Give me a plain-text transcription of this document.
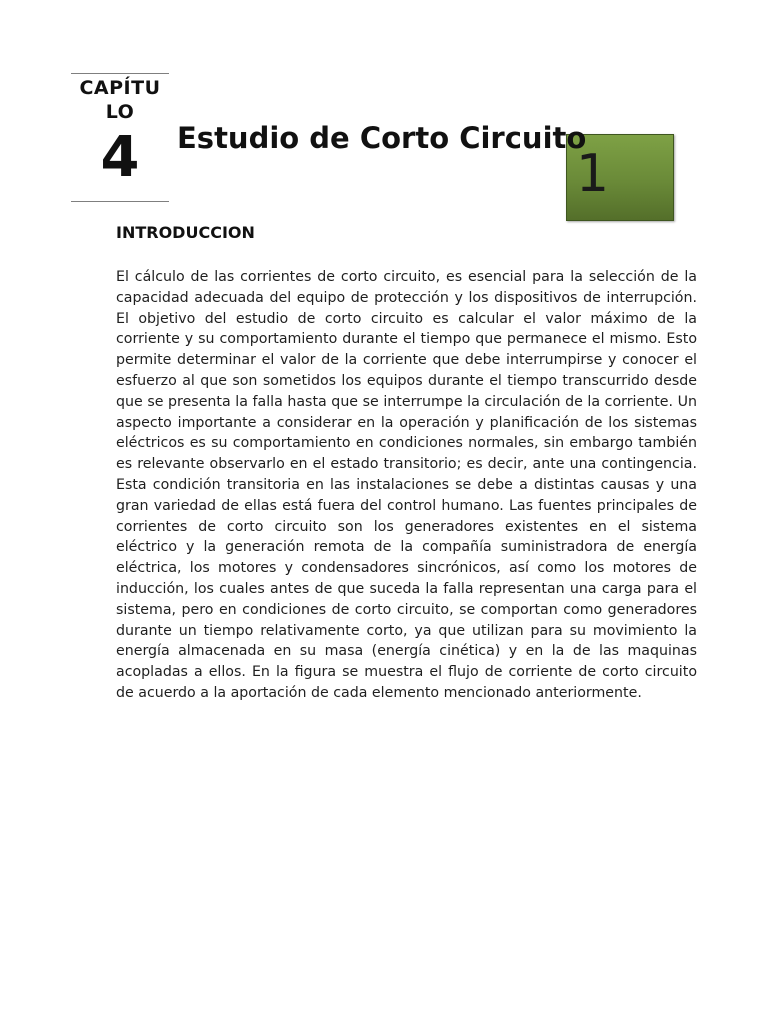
CAPÍTULO
4	1
Estudio de Corto Circuito
INTRODUCCION

El cálculo de las corrientes de corto circuito, es esencial para la selección de la capacidad adecuada del equipo de protección y los dispositivos de interrupción. El objetivo del estudio de corto circuito es calcular el valor máximo de la corriente y su comportamiento durante el tiempo que permanece el mismo. Esto permite determinar el valor de la corriente que debe interrumpirse y conocer el esfuerzo al que son sometidos los equipos durante el tiempo transcurrido desde que se presenta la falla hasta que se interrumpe la circulación de la corriente. Un aspecto importante a considerar en la operación y planificación de los sistemas eléctricos es su comportamiento en condiciones normales, sin embargo también es relevante observarlo en el estado transitorio; es decir, ante una contingencia. Esta condición transitoria en las instalaciones se debe a distintas causas y una gran variedad de ellas está fuera del control humano. Las fuentes principales de corrientes de corto circuito son los generadores existentes en el sistema eléctrico y la generación remota de la compañía suministradora de energía eléctrica, los motores y condensadores sincrónicos, así como los motores de inducción, los cuales antes de que suceda la falla representan una carga para el sistema, pero en condiciones de corto circuito, se comportan como generadores durante un tiempo relativamente corto, ya que utilizan para su movimiento la energía almacenada en su masa (energía cinética) y en la de las maquinas acopladas a ellos. En la figura se muestra el flujo de corriente de corto circuito de acuerdo a la aportación de cada elemento mencionado anteriormente.
